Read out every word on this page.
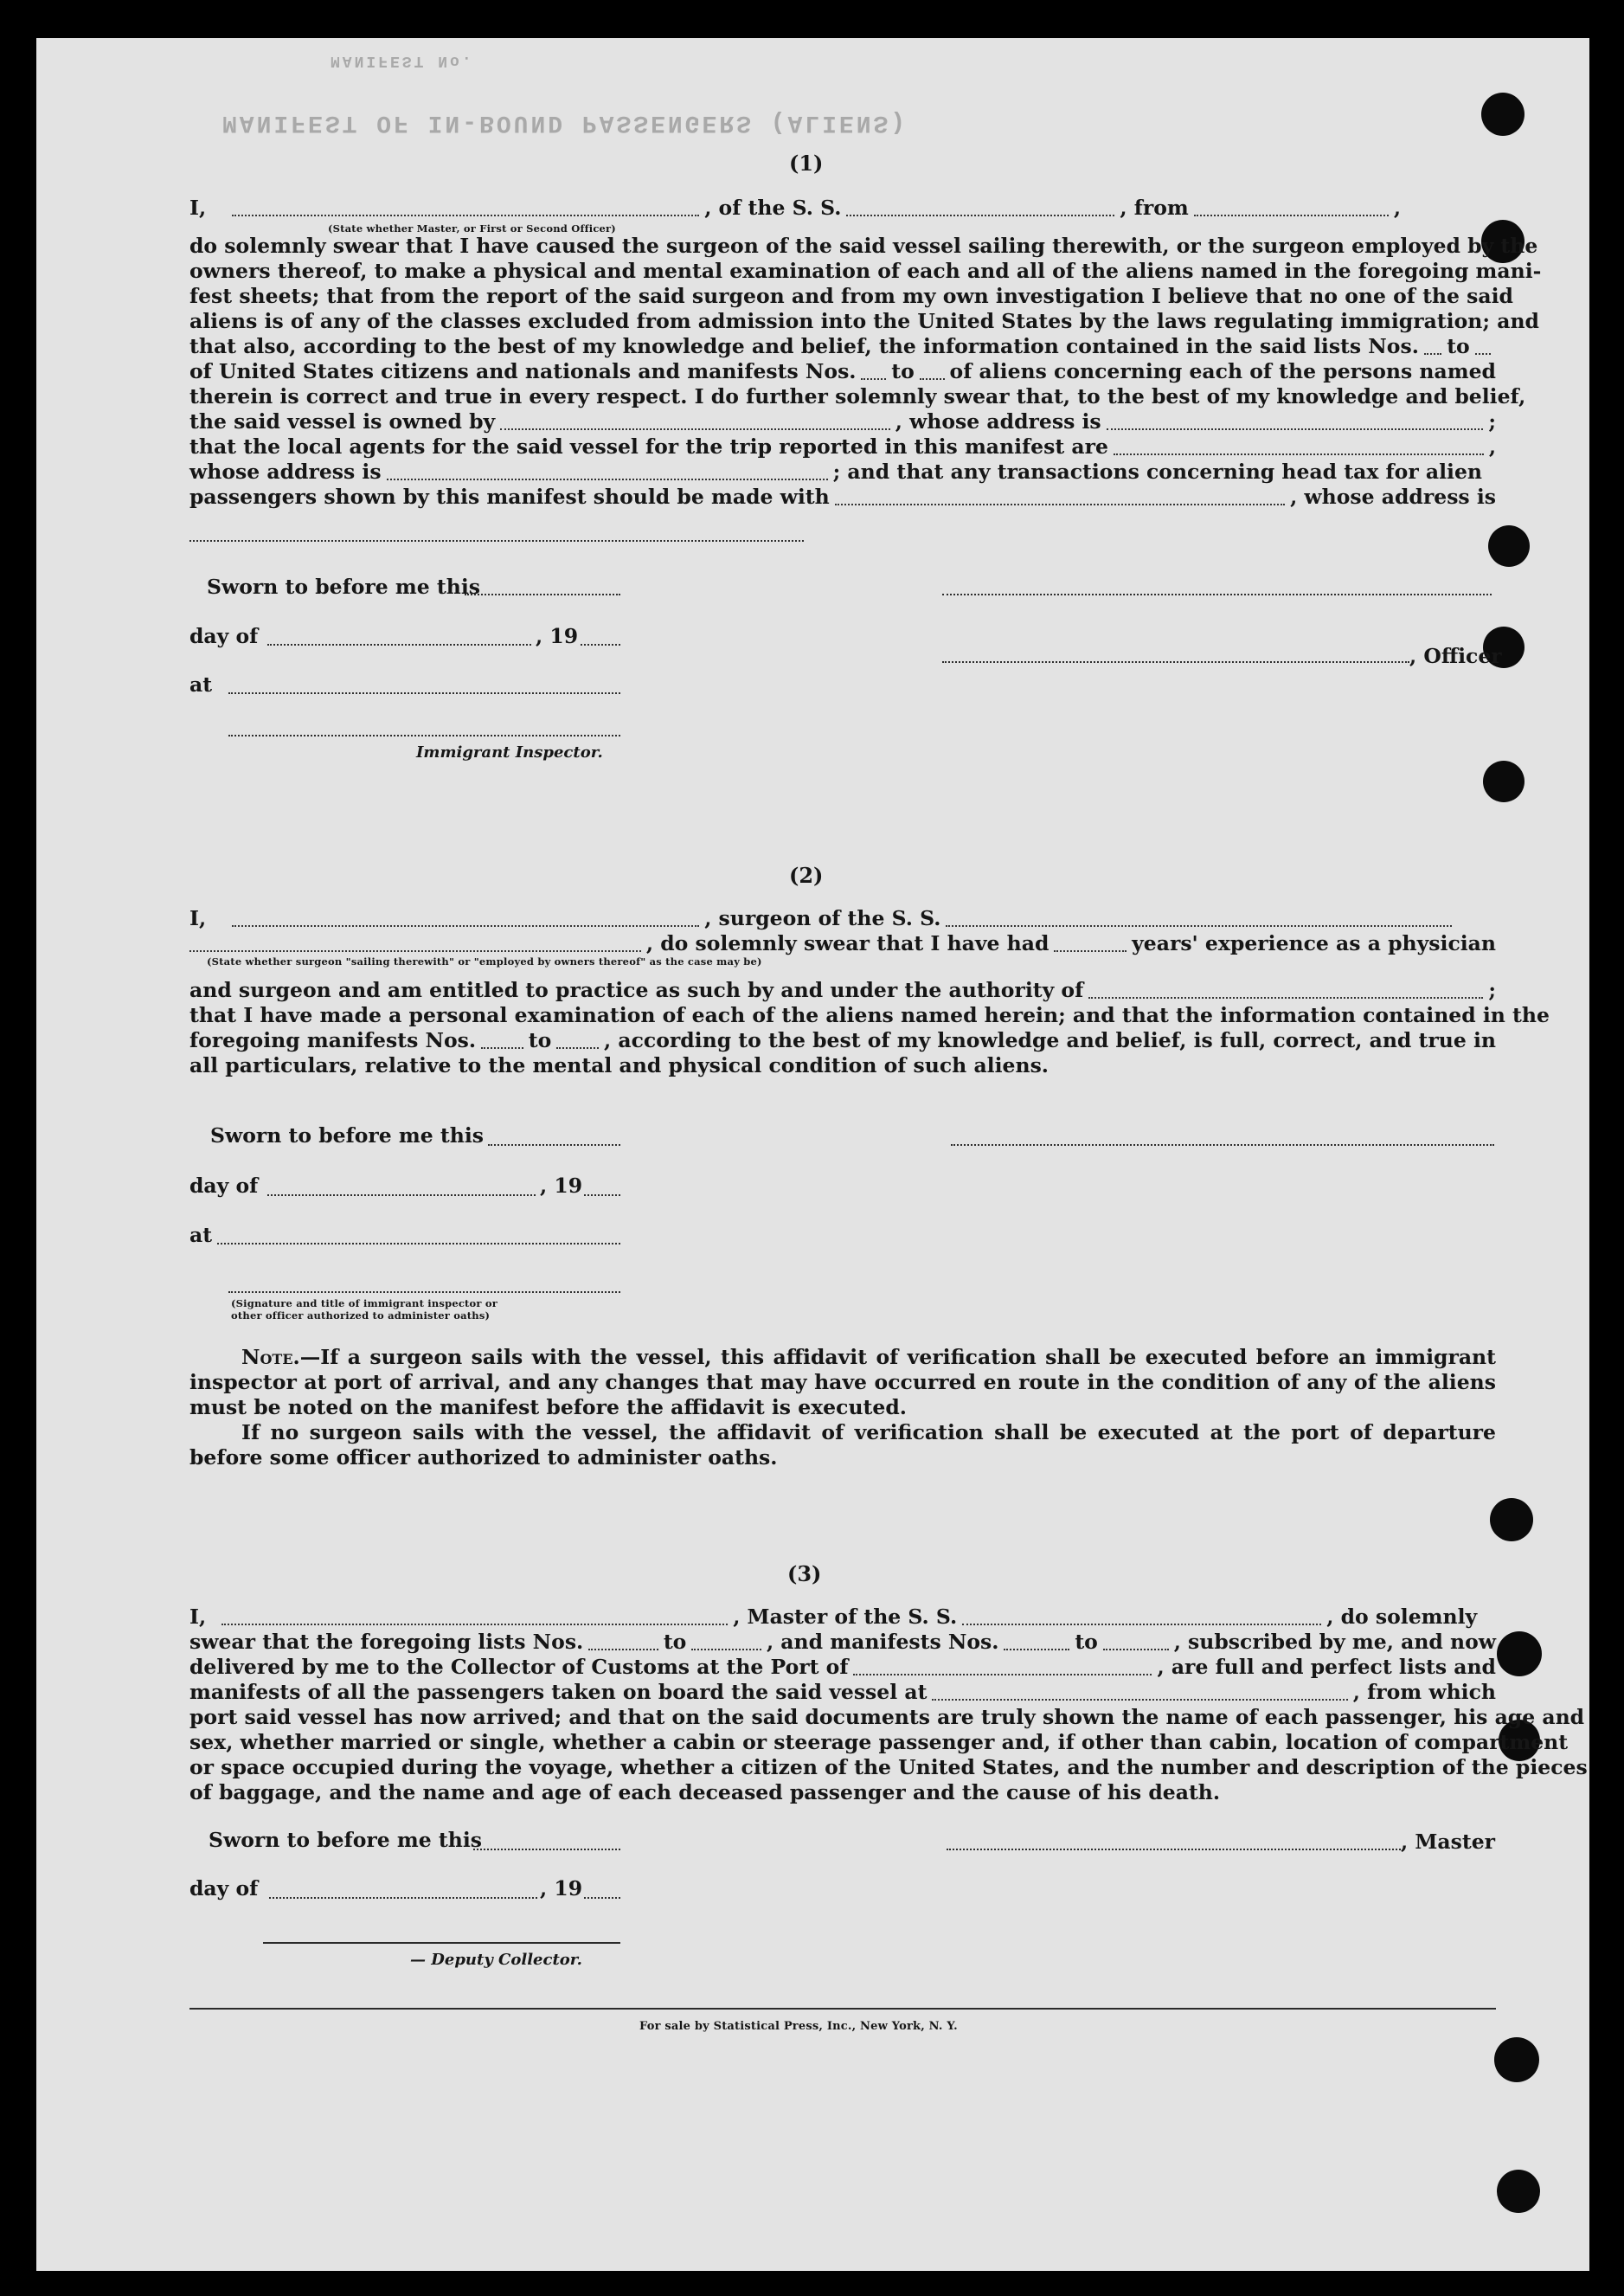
MANIFEST OF IN-BOUND PASSENGERS (ALIENS)
MANIFEST No.
(1)
I,	, of the S. S.	, from	,
(State whether Master, or First or Second Officer)
do solemnly swear that I have caused the surgeon of the said vessel sailing therewith, or the surgeon employed by the
owners thereof, to make a physical and mental examination of each and all of the aliens named in the foregoing mani-
fest sheets; that from the report of the said surgeon and from my own investigation I believe that no one of the said
aliens is of any of the classes excluded from admission into the United States by the laws regulating immigration; and
that also, according to the best of my knowledge and belief, the information contained in the said lists Nos. to
of United States citizens and nationals and manifests Nos. to of aliens concerning each of the persons named
therein is correct and true in every respect. I do further solemnly swear that, to the best of my knowledge and belief,
the said vessel is owned by	, whose address is	;
that the local agents for the said vessel for the trip reported in this manifest are	,
whose address is	; and that any transactions concerning head tax for alien
passengers shown by this manifest should be made with	, whose address is
Sworn to before me this
day of	, 19
at
Immigrant Inspector.
, Officer
(2)
I,	, surgeon of the S. S.
, do solemnly swear that I have had	years' experience as a physician
(State whether surgeon "sailing therewith" or "employed by owners thereof" as the case may be)
and surgeon and am entitled to practice as such by and under the authority of	;
that I have made a personal examination of each of the aliens named herein; and that the information contained in the
foregoing manifests Nos.	to	, according to the best of my knowledge and belief, is full, correct, and true in
all particulars, relative to the mental and physical condition of such aliens.
Sworn to before me this
day of	, 19
at
(Signature and title of immigrant inspector or
other officer authorized to administer oaths)
Note.—If a surgeon sails with the vessel, this affidavit of verification shall be executed before an immigrant inspector at port of arrival, and any changes that may have occurred en route in the condition of any of the aliens must be noted on the manifest before the affidavit is executed.
If no surgeon sails with the vessel, the affidavit of verification shall be executed at the port of departure before some officer authorized to administer oaths.
(3)
I,	, Master of the S. S.	, do solemnly
swear that the foregoing lists Nos.	to	, and manifests Nos.	to	, subscribed by me, and now
delivered by me to the Collector of Customs at the Port of	, are full and perfect lists and
manifests of all the passengers taken on board the said vessel at	, from which
port said vessel has now arrived; and that on the said documents are truly shown the name of each passenger, his age and
sex, whether married or single, whether a cabin or steerage passenger and, if other than cabin, location of compartment
or space occupied during the voyage, whether a citizen of the United States, and the number and description of the pieces
of baggage, and the name and age of each deceased passenger and the cause of his death.
Sworn to before me this	, Master
day of	, 19
— Deputy Collector.
For sale by Statistical Press, Inc., New York, N. Y.
